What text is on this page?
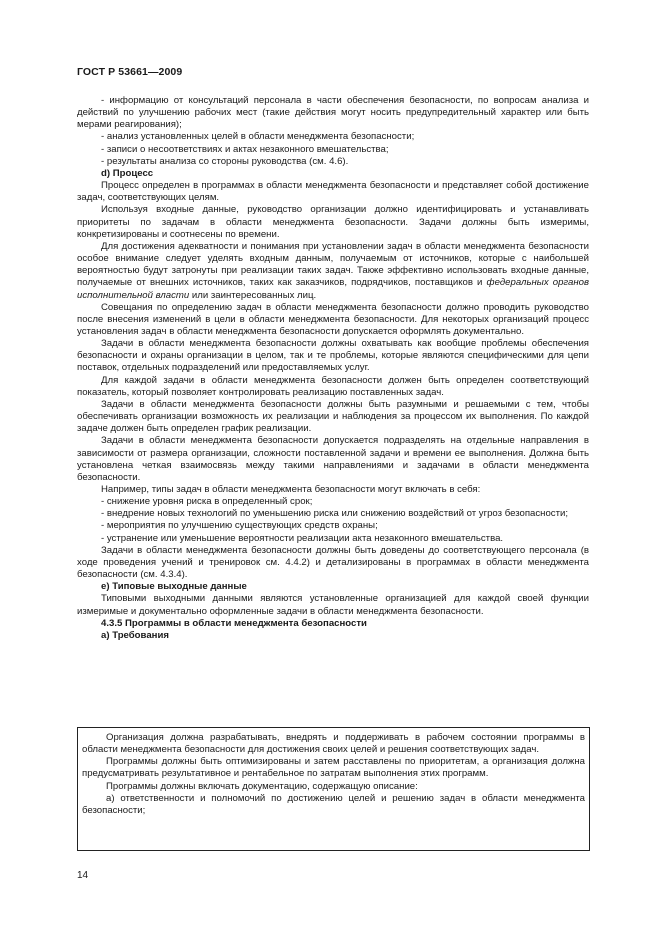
ГОСТ Р 53661—2009

- информацию от консультаций персонала в части обеспечения безопасности, по вопросам анализа и действий по улучшению рабочих мест (такие действия могут носить предупредительный характер или быть мерами реагирования);

- анализ установленных целей в области менеджмента безопасности;

- записи о несоответствиях и актах незаконного вмешательства;

- результаты анализа со стороны руководства (см. 4.6).

d) Процесс

Процесс определен в программах в области менеджмента безопасности и представляет собой достижение задач, соответствующих целям.

Используя входные данные, руководство организации должно идентифицировать и устанавливать приоритеты по задачам в области менеджмента безопасности. Задачи должны быть измеримы, конкретизированы и соотнесены по времени.

Для достижения адекватности и понимания при установлении задач в области менеджмента безопасности особое внимание следует уделять входным данным, получаемым от источников, которые с наибольшей вероятностью будут затронуты при реализации таких задач. Также эффективно использовать входные данные, получаемые от внешних источников, таких как заказчиков, подрядчиков, поставщиков и федеральных органов исполнительной власти или заинтересованных лиц.

Совещания по определению задач в области менеджмента безопасности должно проводить руководство после внесения изменений в цели в области менеджмента безопасности. Для некоторых организаций процесс установления задач в области менеджмента безопасности допускается оформлять документально.

Задачи в области менеджмента безопасности должны охватывать как вообщие проблемы обеспечения безопасности и охраны организации в целом, так и те проблемы, которые являются специфическими для цепи поставок, отдельных подразделений или предоставляемых услуг.

Для каждой задачи в области менеджмента безопасности должен быть определен соответствующий показатель, который позволяет контролировать реализацию поставленных задач.

Задачи в области менеджмента безопасности должны быть разумными и решаемыми с тем, чтобы обеспечивать организации возможность их реализации и наблюдения за процессом их выполнения. По каждой задаче должен быть определен график реализации.

Задачи в области менеджмента безопасности допускается подразделять на отдельные направления в зависимости от размера организации, сложности поставленной задачи и времени ее выполнения. Должна быть установлена четкая взаимосвязь между такими направлениями и задачами в области менеджмента безопасности.

Например, типы задач в области менеджмента безопасности могут включать в себя:

- снижение уровня риска в определенный срок;

- внедрение новых технологий по уменьшению риска или снижению воздействий от угроз безопасности;

- мероприятия по улучшению существующих средств охраны;

- устранение или уменьшение вероятности реализации акта незаконного вмешательства.

Задачи в области менеджмента безопасности должны быть доведены до соответствующего персонала (в ходе проведения учений и тренировок см. 4.4.2) и детализированы в программах в области менеджмента безопасности (см. 4.3.4).

e) Типовые выходные данные

Типовыми выходными данными являются установленные организацией для каждой своей функции измеримые и документально оформленные задачи в области менеджмента безопасности.

4.3.5 Программы в области менеджмента безопасности

а) Требования

Организация должна разрабатывать, внедрять и поддерживать в рабочем состоянии программы в области менеджмента безопасности для достижения своих целей и решения соответствующих задач.

Программы должны быть оптимизированы и затем расставлены по приоритетам, а организация должна предусматривать результативное и рентабельное по затратам выполнения этих программ.

Программы должны включать документацию, содержащую описание:

а) ответственности и полномочий по достижению целей и решению задач в области менеджмента безопасности;

14
